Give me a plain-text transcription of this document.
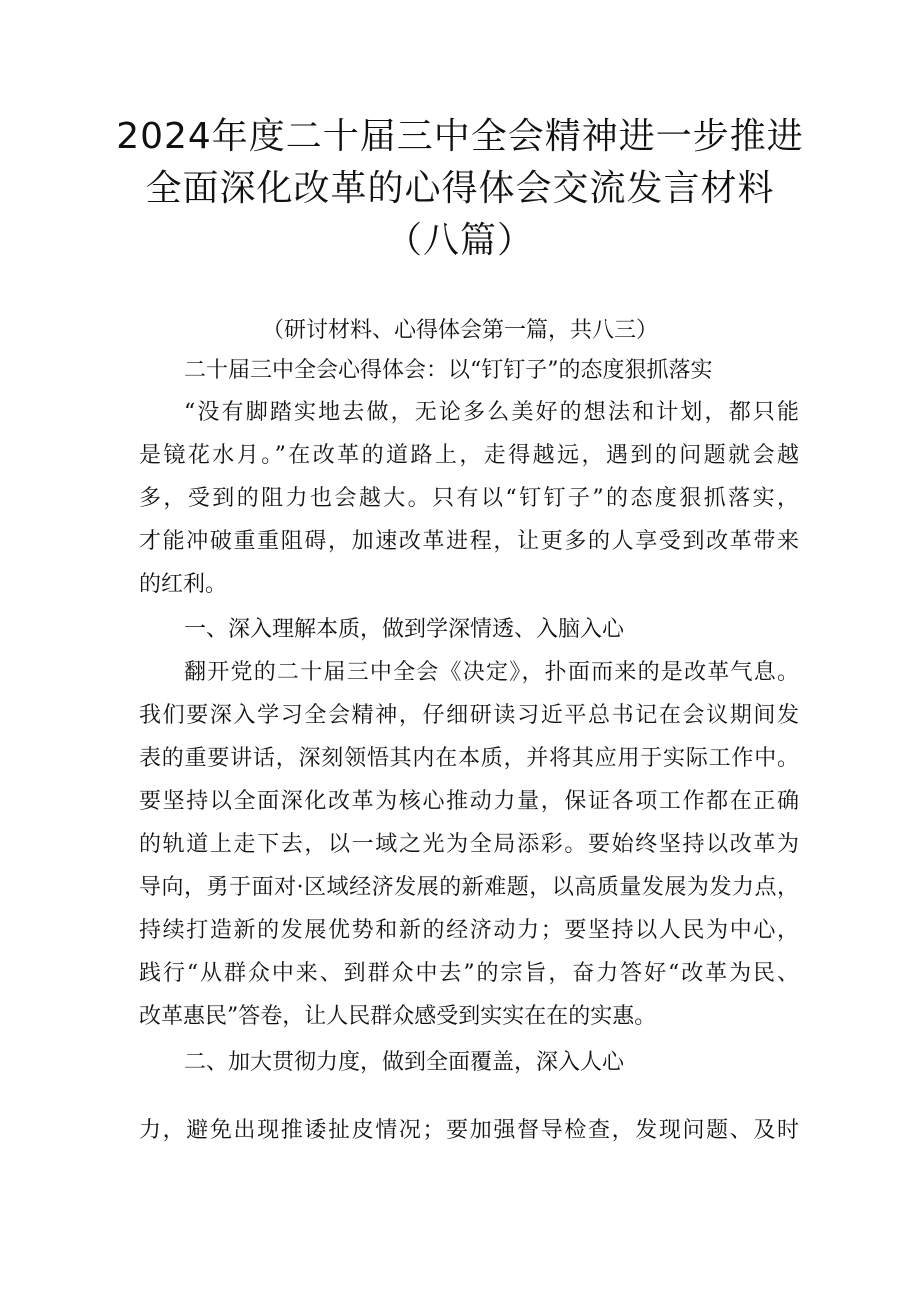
2024年度二十届三中全会精神进一步推进
全面深化改革的心得体会交流发言材料
（八篇）
（研讨材料、心得体会第一篇，共八三）
二十届三中全会心得体会：以“钉钉子”的态度狠抓落实
“没有脚踏实地去做，无论多么美好的想法和计划，都只能
是镜花水月。”在改革的道路上，走得越远，遇到的问题就会越
多，受到的阻力也会越大。只有以“钉钉子”的态度狠抓落实，
才能冲破重重阻碍，加速改革进程，让更多的人享受到改革带来
的红利。
一、深入理解本质，做到学深情透、入脑入心
翻开党的二十届三中全会《决定》，扑面而来的是改革气息。
我们要深入学习全会精神，仔细研读习近平总书记在会议期间发
表的重要讲话，深刻领悟其内在本质，并将其应用于实际工作中。
要坚持以全面深化改革为核心推动力量，保证各项工作都在正确
的轨道上走下去，以一域之光为全局添彩。要始终坚持以改革为
导向，勇于面对·区域经济发展的新难题，以高质量发展为发力点，
持续打造新的发展优势和新的经济动力；要坚持以人民为中心，
践行“从群众中来、到群众中去”的宗旨，奋力答好“改革为民、
改革惠民”答卷，让人民群众感受到实实在在的实惠。
二、加大贯彻力度，做到全面覆盖，深入人心
力，避免出现推诿扯皮情况；要加强督导检查，发现问题、及时
